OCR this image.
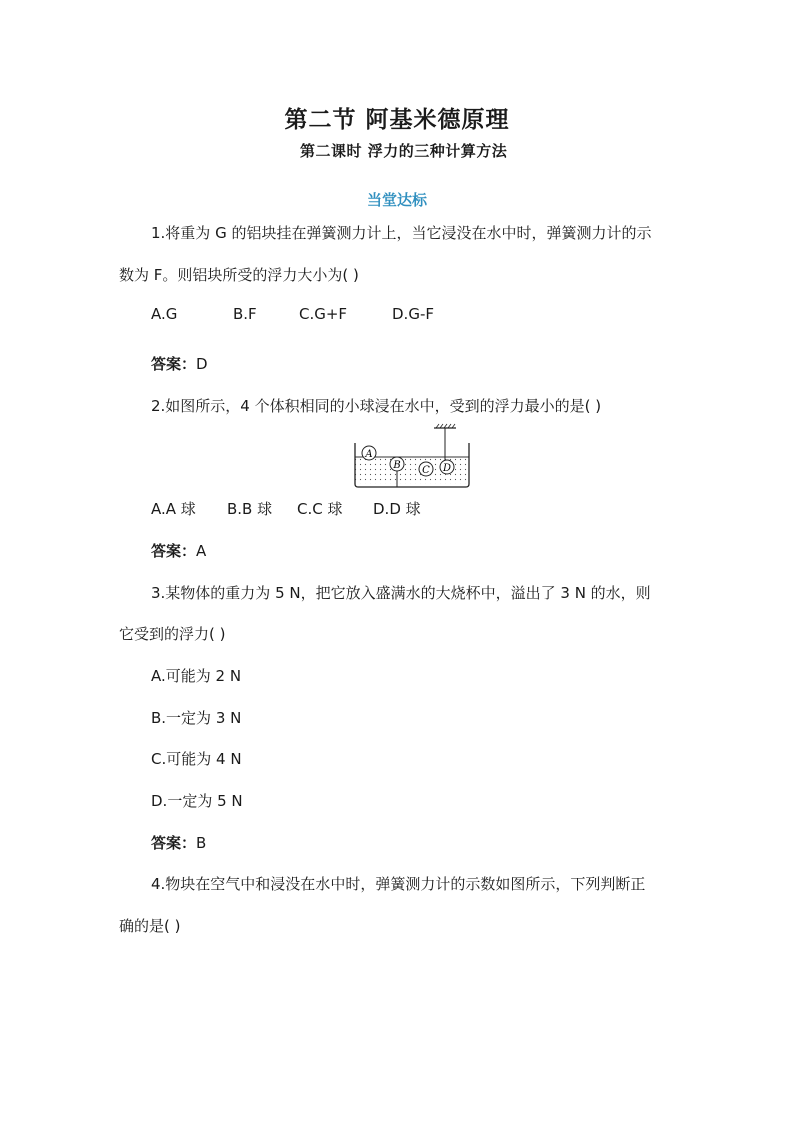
第二节 阿基米德原理
第二课时 浮力的三种计算方法
当堂达标
1.将重为 G 的铝块挂在弹簧测力计上，当它浸没在水中时，弹簧测力计的示
数为 F。则铝块所受的浮力大小为( )
A.G	B.F	C.G+F	D.G-F
答案：D
2.如图所示，4 个体积相同的小球浸在水中，受到的浮力最小的是( )
A
B C D
A.A 球 B.B 球 C.C 球 D.D 球
答案：A
3.某物体的重力为 5 N，把它放入盛满水的大烧杯中，溢出了 3 N 的水，则
它受到的浮力( )
A.可能为 2 N
B.一定为 3 N
C.可能为 4 N
D.一定为 5 N
答案：B
4.物块在空气中和浸没在水中时，弹簧测力计的示数如图所示，下列判断正
确的是( )
